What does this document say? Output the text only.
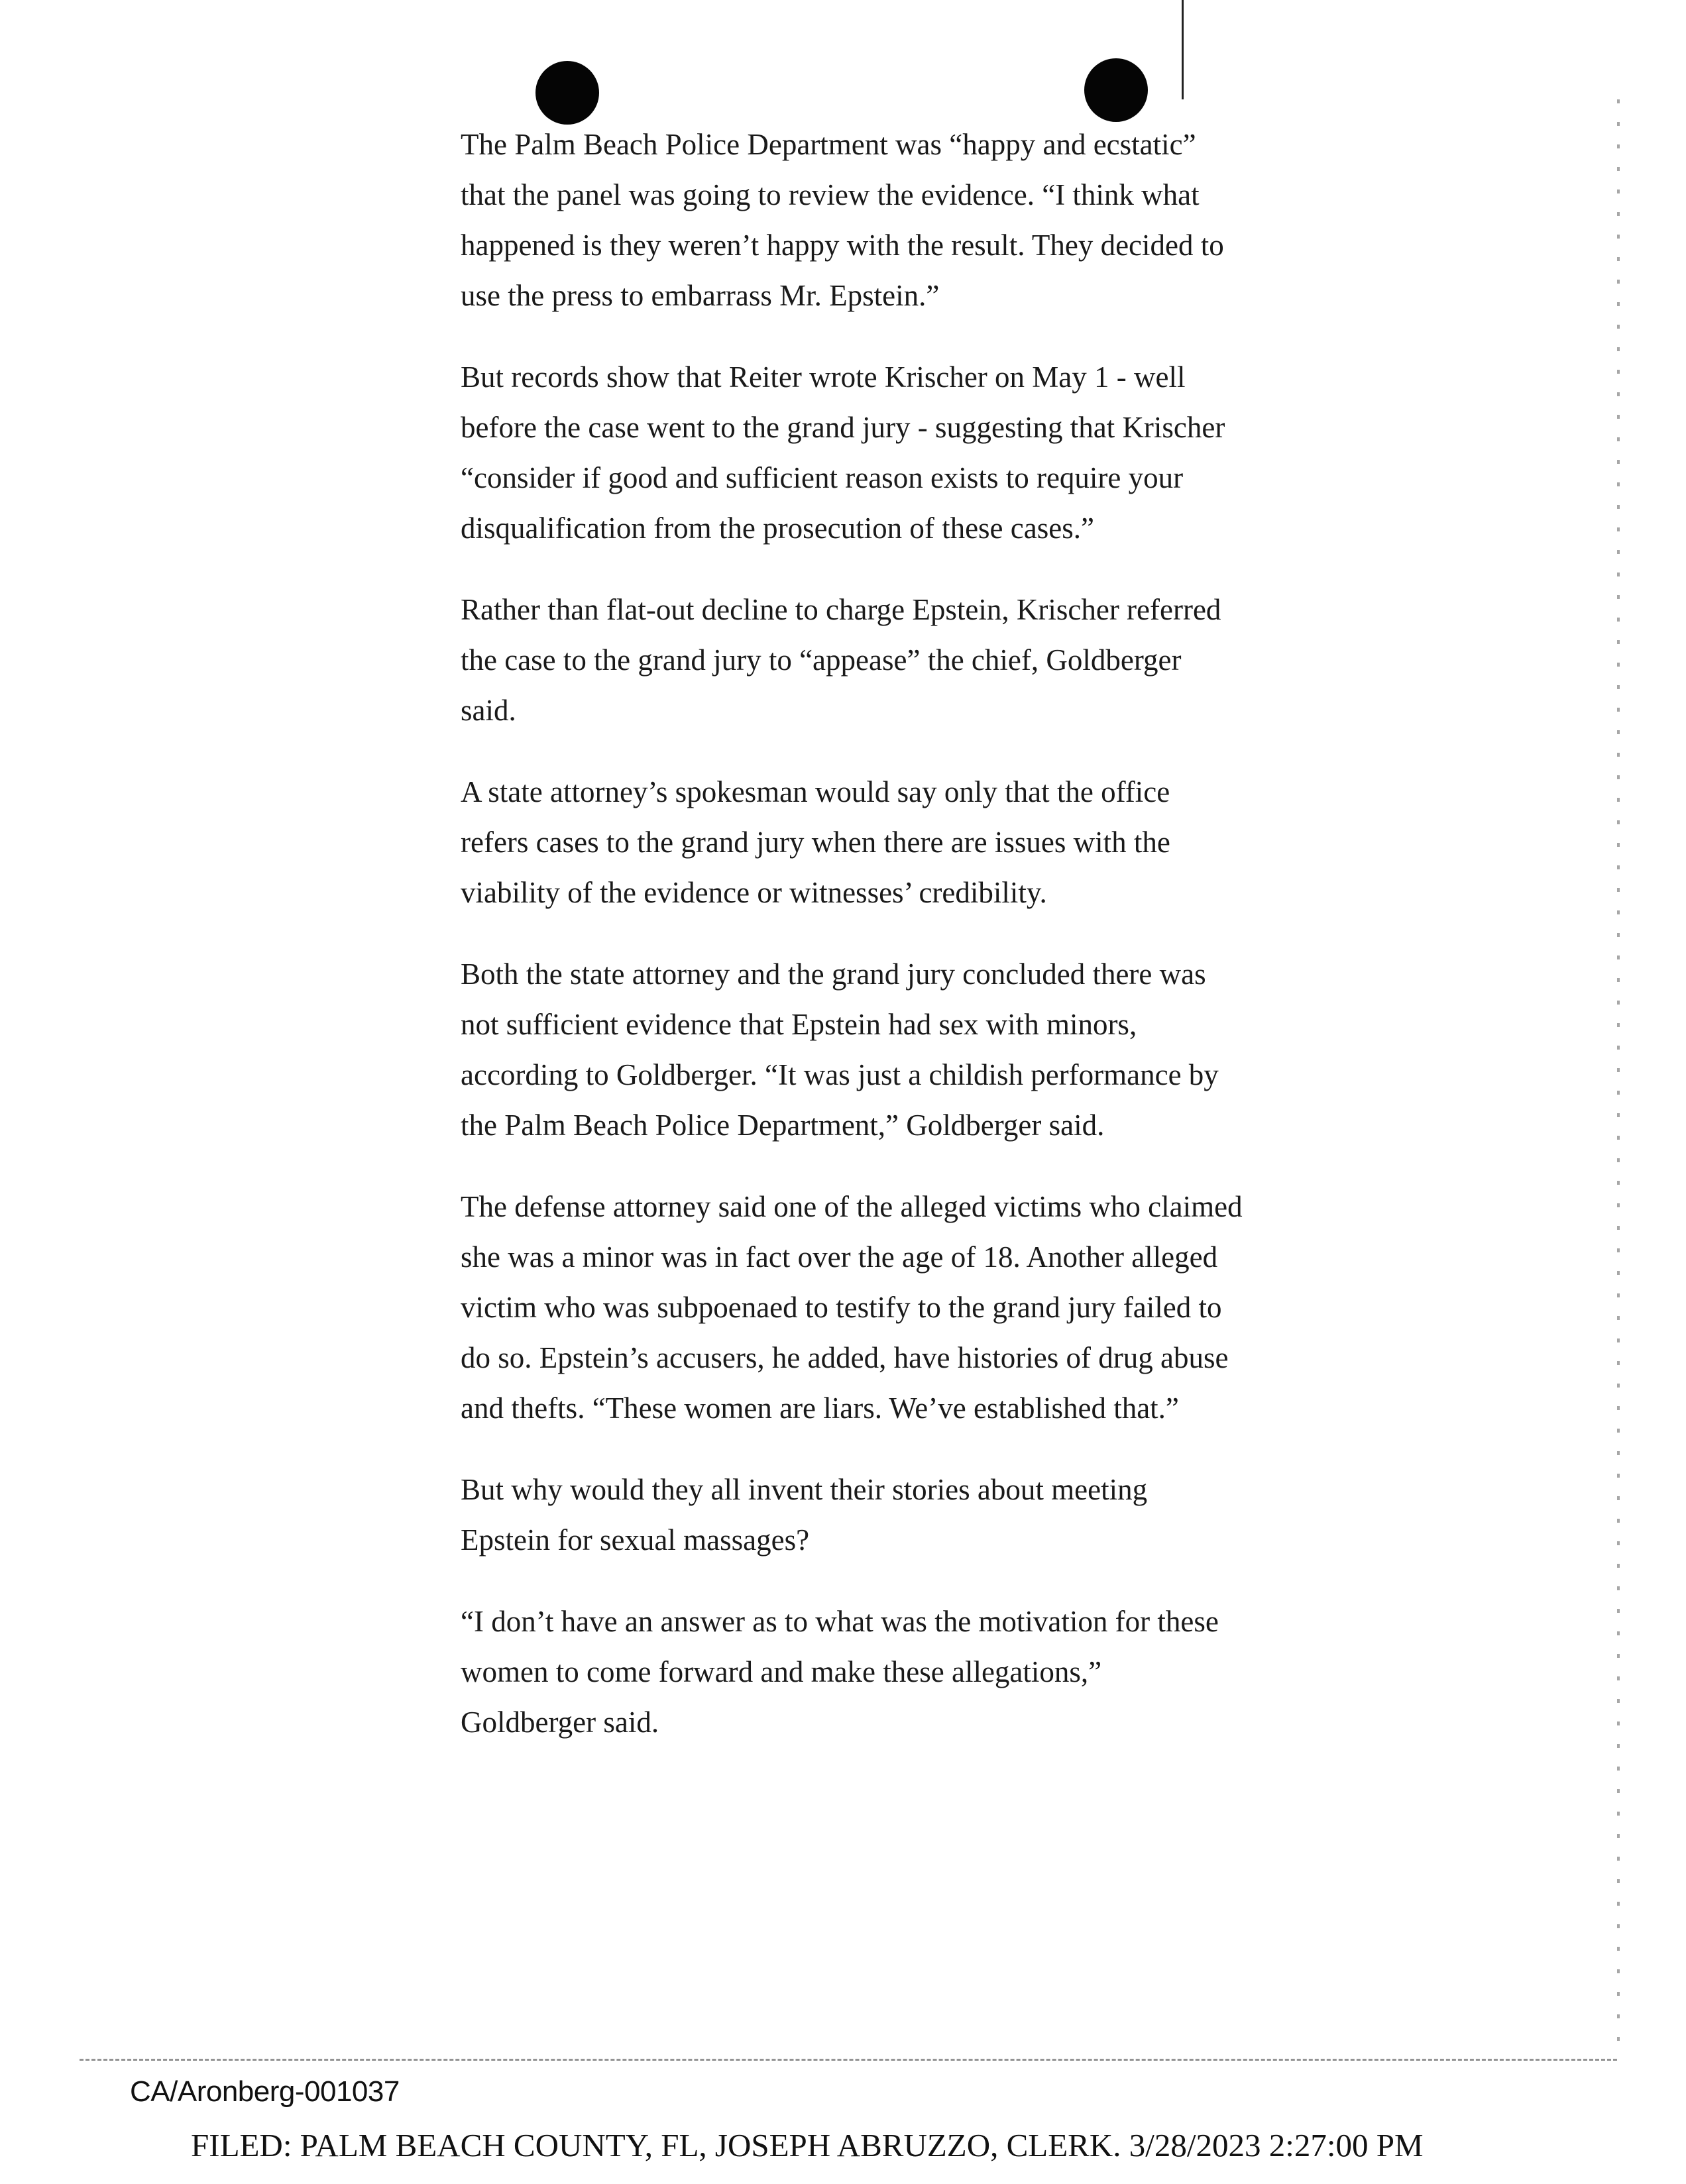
The Palm Beach Police Department was “happy and ecstatic” that the panel was going to review the evidence. “I think what happened is they weren’t happy with the result. They decided to use the press to embarrass Mr. Epstein.”

But records show that Reiter wrote Krischer on May 1 - well before the case went to the grand jury - suggesting that Krischer “consider if good and sufficient reason exists to require your disqualification from the prosecution of these cases.”

Rather than flat-out decline to charge Epstein, Krischer referred the case to the grand jury to “appease” the chief, Goldberger said.

A state attorney’s spokesman would say only that the office refers cases to the grand jury when there are issues with the viability of the evidence or witnesses’ credibility.

Both the state attorney and the grand jury concluded there was not sufficient evidence that Epstein had sex with minors, according to Goldberger. “It was just a childish performance by the Palm Beach Police Department,” Goldberger said.

The defense attorney said one of the alleged victims who claimed she was a minor was in fact over the age of 18. Another alleged victim who was subpoenaed to testify to the grand jury failed to do so. Epstein’s accusers, he added, have histories of drug abuse and thefts. “These women are liars. We’ve established that.”

But why would they all invent their stories about meeting Epstein for sexual massages?

“I don’t have an answer as to what was the motivation for these women to come forward and make these allegations,” Goldberger said.

CA/Aronberg-001037
FILED: PALM BEACH COUNTY, FL, JOSEPH ABRUZZO, CLERK. 3/28/2023 2:27:00 PM
